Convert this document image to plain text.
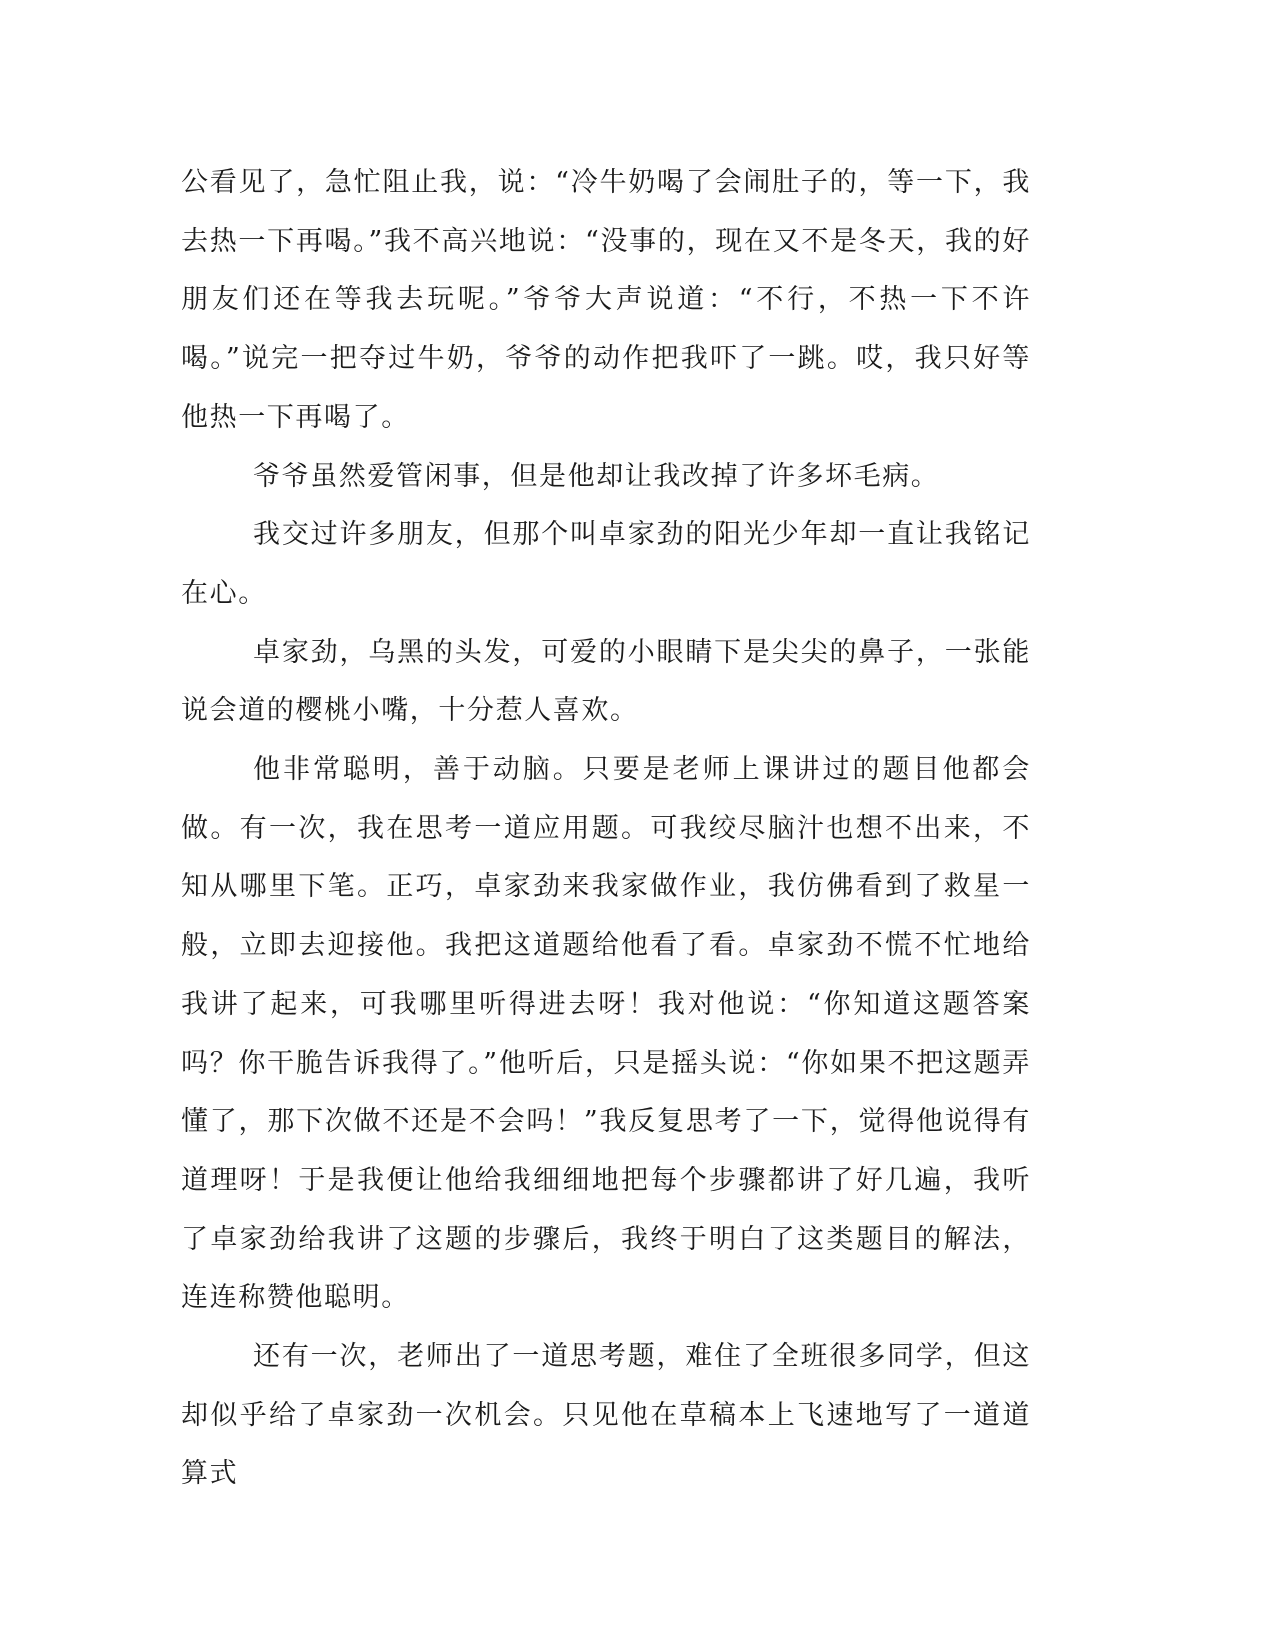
公看见了，急忙阻止我，说：“冷牛奶喝了会闹肚子的，等一下，我去热一下再喝。”我不高兴地说：“没事的，现在又不是冬天，我的好朋友们还在等我去玩呢。”爷爷大声说道：“不行，不热一下不许喝。”说完一把夺过牛奶，爷爷的动作把我吓了一跳。哎，我只好等他热一下再喝了。

爷爷虽然爱管闲事，但是他却让我改掉了许多坏毛病。

我交过许多朋友，但那个叫卓家劲的阳光少年却一直让我铭记在心。

卓家劲，乌黑的头发，可爱的小眼睛下是尖尖的鼻子，一张能说会道的樱桃小嘴，十分惹人喜欢。

他非常聪明，善于动脑。只要是老师上课讲过的题目他都会做。有一次，我在思考一道应用题。可我绞尽脑汁也想不出来，不知从哪里下笔。正巧，卓家劲来我家做作业，我仿佛看到了救星一般，立即去迎接他。我把这道题给他看了看。卓家劲不慌不忙地给我讲了起来，可我哪里听得进去呀！我对他说：“你知道这题答案吗？你干脆告诉我得了。”他听后，只是摇头说：“你如果不把这题弄懂了，那下次做不还是不会吗！”我反复思考了一下，觉得他说得有道理呀！于是我便让他给我细细地把每个步骤都讲了好几遍，我听了卓家劲给我讲了这题的步骤后，我终于明白了这类题目的解法，连连称赞他聪明。

还有一次，老师出了一道思考题，难住了全班很多同学，但这却似乎给了卓家劲一次机会。只见他在草稿本上飞速地写了一道道算式
